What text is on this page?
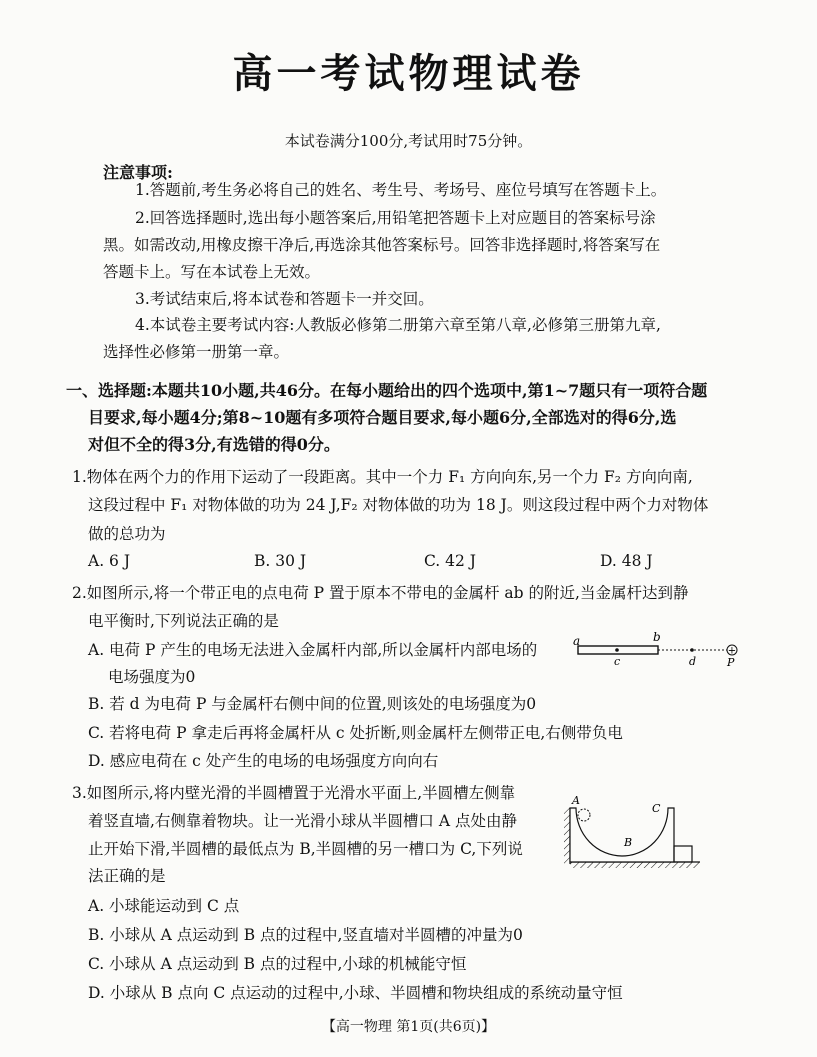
高一考试物理试卷
本试卷满分100分,考试用时75分钟。
注意事项:
1.答题前,考生务必将自己的姓名、考生号、考场号、座位号填写在答题卡上。
2.回答选择题时,选出每小题答案后,用铅笔把答题卡上对应题目的答案标号涂
黑。如需改动,用橡皮擦干净后,再选涂其他答案标号。回答非选择题时,将答案写在
答题卡上。写在本试卷上无效。
3.考试结束后,将本试卷和答题卡一并交回。
4.本试卷主要考试内容:人教版必修第二册第六章至第八章,必修第三册第九章,
选择性必修第一册第一章。
一、选择题:本题共10小题,共46分。在每小题给出的四个选项中,第1~7题只有一项符合题
目要求,每小题4分;第8~10题有多项符合题目要求,每小题6分,全部选对的得6分,选
对但不全的得3分,有选错的得0分。
1.物体在两个力的作用下运动了一段距离。其中一个力 F₁ 方向向东,另一个力 F₂ 方向向南,
这段过程中 F₁ 对物体做的功为 24 J,F₂ 对物体做的功为 18 J。则这段过程中两个力对物体
做的总功为
A. 6 J	B. 30 J	C. 42 J	D. 48 J
2.如图所示,将一个带正电的点电荷 P 置于原本不带电的金属杆 ab 的附近,当金属杆达到静
电平衡时,下列说法正确的是
A. 电荷 P 产生的电场无法进入金属杆内部,所以金属杆内部电场的
电场强度为0
B. 若 d 为电荷 P 与金属杆右侧中间的位置,则该处的电场强度为0
C. 若将电荷 P 拿走后再将金属杆从 c 处折断,则金属杆左侧带正电,右侧带负电
D. 感应电荷在 c 处产生的电场的电场强度方向向右
a	b
c	d
+
P
3.如图所示,将内壁光滑的半圆槽置于光滑水平面上,半圆槽左侧靠
着竖直墙,右侧靠着物块。让一光滑小球从半圆槽口 A 点处由静
止开始下滑,半圆槽的最低点为 B,半圆槽的另一槽口为 C,下列说
法正确的是
A
B
C
A. 小球能运动到 C 点
B. 小球从 A 点运动到 B 点的过程中,竖直墙对半圆槽的冲量为0
C. 小球从 A 点运动到 B 点的过程中,小球的机械能守恒
D. 小球从 B 点向 C 点运动的过程中,小球、半圆槽和物块组成的系统动量守恒
【高一物理 第1页(共6页)】
